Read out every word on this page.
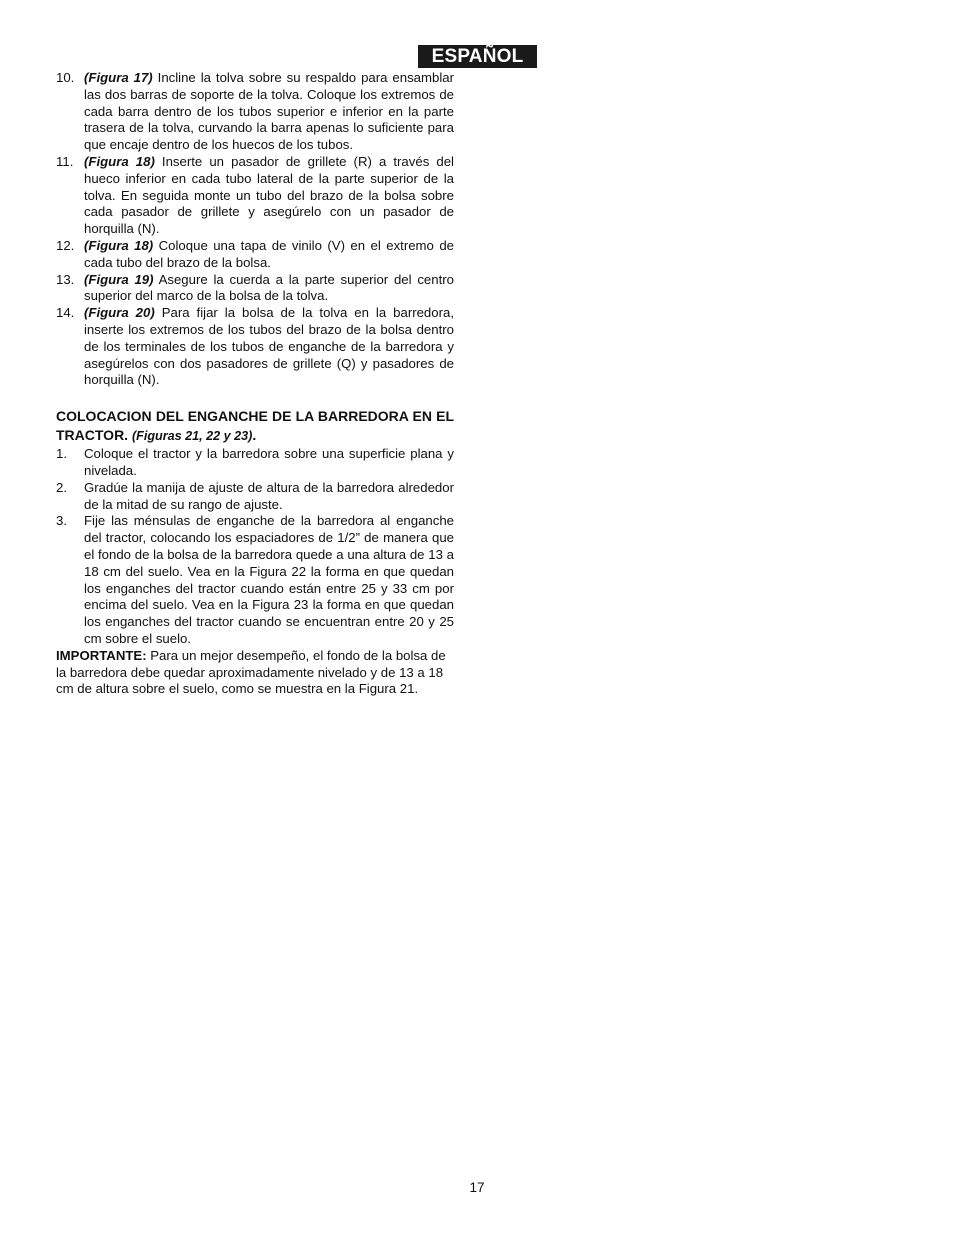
ESPAÑOL
10. (Figura 17) Incline la tolva sobre su respaldo para ensamblar las dos barras de soporte de la tolva. Coloque los extremos de cada barra dentro de los tubos superior e inferior en la parte trasera de la tolva, curvando la barra apenas lo suficiente para que encaje dentro de los huecos de los tubos.
11. (Figura 18) Inserte un pasador de grillete (R) a través del hueco inferior en cada tubo lateral de la parte superior de la tolva. En seguida monte un tubo del brazo de la bolsa sobre cada pasador de grillete y asegúrelo con un pasador de horquilla (N).
12. (Figura 18) Coloque una tapa de vinilo (V) en el extremo de cada tubo del brazo de la bolsa.
13. (Figura 19) Asegure la cuerda a la parte superior del centro superior del marco de la bolsa de la tolva.
14. (Figura 20) Para fijar la bolsa de la tolva en la barredora, inserte los extremos de los tubos del brazo de la bolsa dentro de los terminales de los tubos de enganche de la barredora y asegúrelos con dos pasadores de grillete (Q) y pasadores de horquilla (N).
COLOCACION DEL ENGANCHE DE LA BARREDORA EN EL TRACTOR. (Figuras 21, 22 y 23).
1. Coloque el tractor y la barredora sobre una superficie plana y nivelada.
2. Gradúe la manija de ajuste de altura de la barredora alrededor de la mitad de su rango de ajuste.
3. Fije las ménsulas de enganche de la barredora al enganche del tractor, colocando los espaciadores de 1/2” de manera que el fondo de la bolsa de la barredora quede a una altura de 13 a 18 cm del suelo. Vea en la Figura 22 la forma en que quedan los enganches del tractor cuando están entre 25 y 33 cm por encima del suelo. Vea en la Figura 23 la forma en que quedan los enganches del tractor cuando se encuentran entre 20 y 25 cm sobre el suelo.
IMPORTANTE: Para un mejor desempeño, el fondo de la bolsa de la barredora debe quedar aproximadamente nivelado y de 13 a 18 cm de altura sobre el suelo, como se muestra en la Figura 21.
17
